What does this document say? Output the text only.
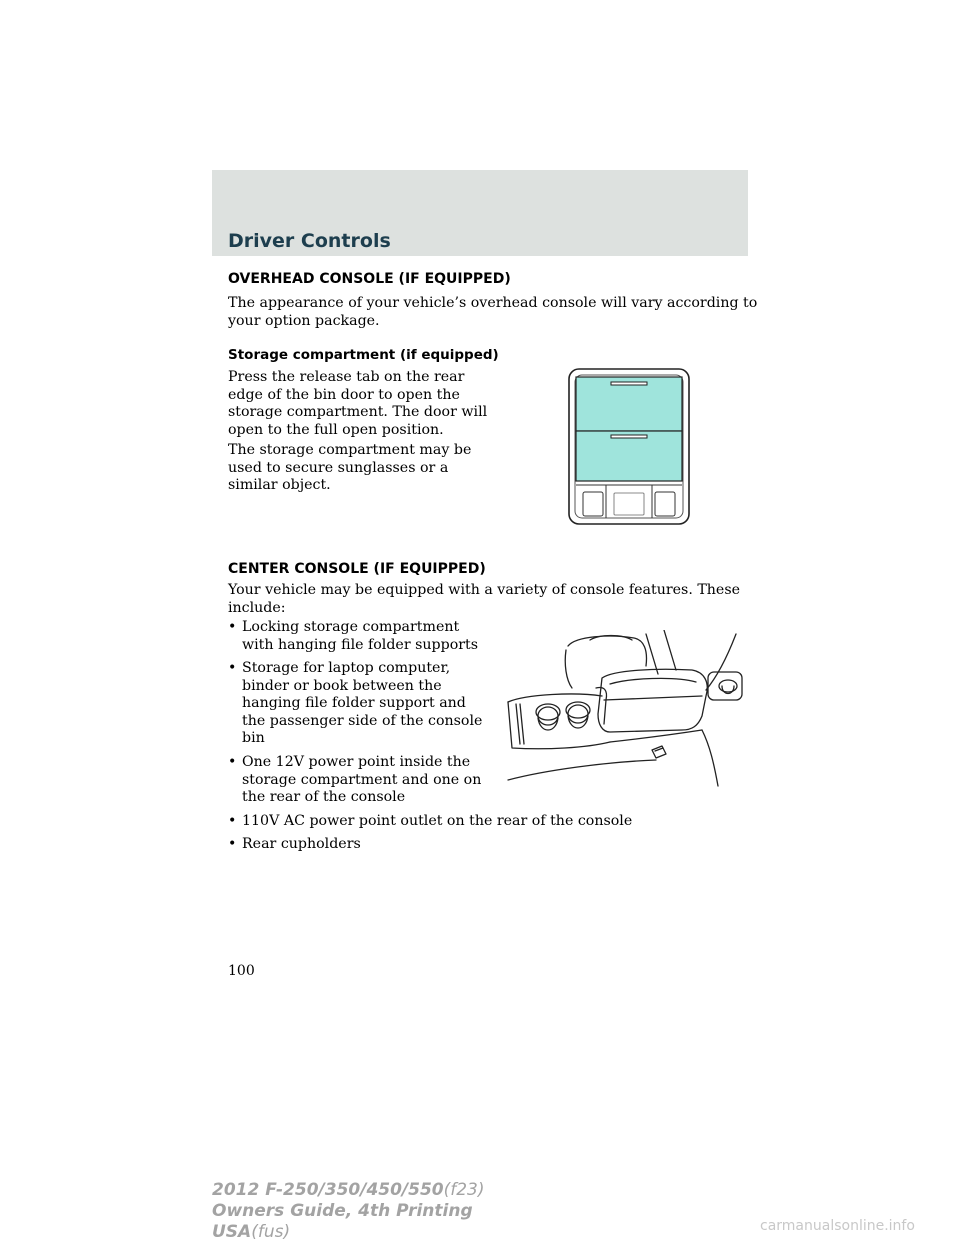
Driver Controls
OVERHEAD CONSOLE (IF EQUIPPED)

The appearance of your vehicle’s overhead console will vary according to
your option package.

Storage compartment (if equipped)

Press the release tab on the rear
edge of the bin door to open the
storage compartment. The door will
open to the full open position.

The storage compartment may be
used to secure sunglasses or a
similar object.

CENTER CONSOLE (IF EQUIPPED)

Your vehicle may be equipped with a variety of console features. These
include:

• Locking storage compartment
with hanging file folder supports
• Storage for laptop computer,
binder or book between the
hanging file folder support and
the passenger side of the console
bin
• One 12V power point inside the
storage compartment and one on
the rear of the console
• 110V AC power point outlet on the rear of the console
• Rear cupholders

100

2012 F-250/350/450/550(f23)
Owners Guide, 4th Printing
USA(fus)	carmanualsonline.info
